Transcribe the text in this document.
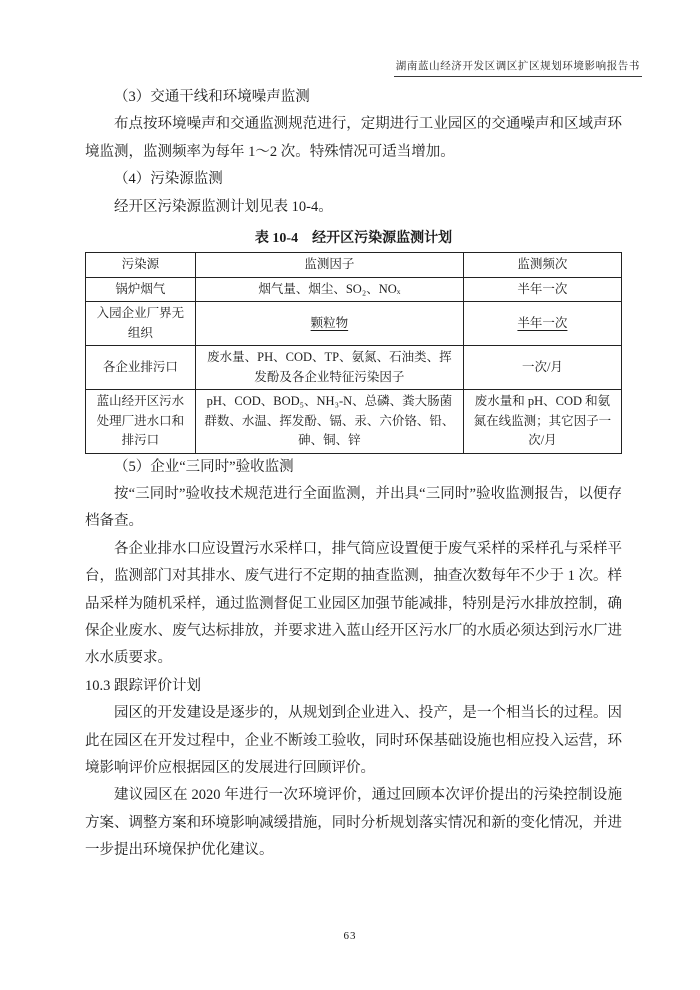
湖南蓝山经济开发区调区扩区规划环境影响报告书

（3）交通干线和环境噪声监测

布点按环境噪声和交通监测规范进行，定期进行工业园区的交通噪声和区域声环境监测，监测频率为每年 1～2 次。特殊情况可适当增加。

（4）污染源监测

经开区污染源监测计划见表 10-4。

表 10-4　经开区污染源监测计划
污染源	监测因子	监测频次
锅炉烟气	烟气量、烟尘、SO₂、NOₓ	半年一次
入园企业厂界无组织	颗粒物	半年一次
各企业排污口	废水量、PH、COD、TP、氨氮、石油类、挥发酚及各企业特征污染因子	一次/月
蓝山经开区污水处理厂进水口和排污口	pH、COD、BOD₅、NH₃-N、总磷、粪大肠菌群数、水温、挥发酚、镉、汞、六价铬、铅、砷、铜、锌	废水量和 pH、COD 和氨氮在线监测；其它因子一次/月

（5）企业“三同时”验收监测

按“三同时”验收技术规范进行全面监测，并出具“三同时”验收监测报告，以便存档备查。

各企业排水口应设置污水采样口，排气筒应设置便于废气采样的采样孔与采样平台，监测部门对其排水、废气进行不定期的抽查监测，抽查次数每年不少于 1 次。样品采样为随机采样，通过监测督促工业园区加强节能减排，特别是污水排放控制，确保企业废水、废气达标排放，并要求进入蓝山经开区污水厂的水质必须达到污水厂进水水质要求。

10.3 跟踪评价计划

园区的开发建设是逐步的，从规划到企业进入、投产，是一个相当长的过程。因此在园区在开发过程中，企业不断竣工验收，同时环保基础设施也相应投入运营，环境影响评价应根据园区的发展进行回顾评价。

建议园区在 2020 年进行一次环境评价，通过回顾本次评价提出的污染控制设施方案、调整方案和环境影响减缓措施，同时分析规划落实情况和新的变化情况，并进一步提出环境保护优化建议。

63
